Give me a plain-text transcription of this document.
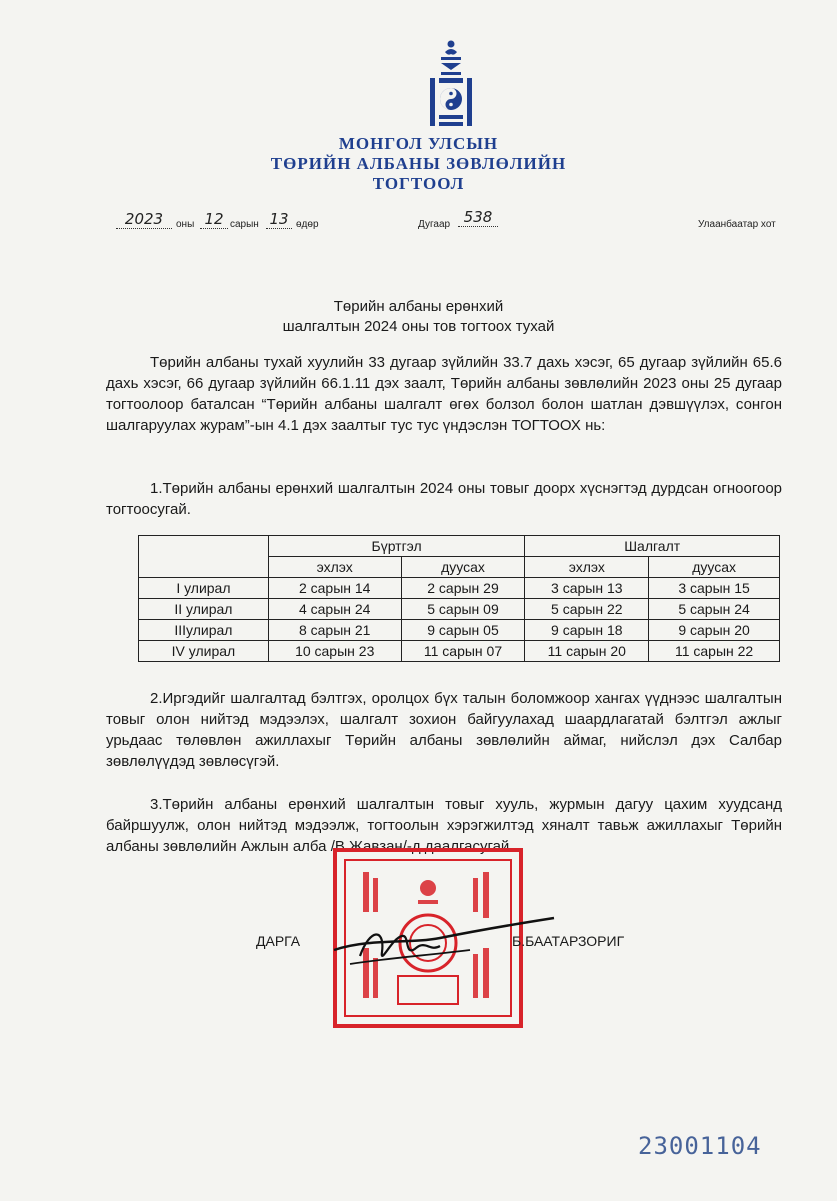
МОНГОЛ УЛСЫН
ТӨРИЙН АЛБАНЫ ЗӨВЛӨЛИЙН
ТОГТООЛ
2023	оны 12 сарын 13 өдөр	Дугаар 538	Улаанбаатар хот
Төрийн албаны ерөнхий
шалгалтын 2024 оны тов тогтоох тухай
Төрийн албаны тухай хуулийн 33 дугаар зүйлийн 33.7 дахь хэсэг, 65 дугаар зүйлийн 65.6 дахь хэсэг, 66 дугаар зүйлийн 66.1.11 дэх заалт, Төрийн албаны зөвлөлийн 2023 оны 25 дугаар тогтоолоор баталсан “Төрийн албаны шалгалт өгөх болзол болон шатлан дэвшүүлэх, сонгон шалгаруулах журам”-ын 4.1 дэх заалтыг тус тус үндэслэн ТОГТООХ нь:
1.Төрийн албаны ерөнхий шалгалтын 2024 оны товыг доорх хүснэгтэд дурдсан огноогоор тогтоосугай.
	Бүртгэл		Шалгалт	
	эхлэх	дуусах	эхлэх	дуусах
I улирал	2 сарын 14	2 сарын 29	3 сарын 13	3 сарын 15
II улирал	4 сарын 24	5 сарын 09	5 сарын 22	5 сарын 24
IIIулирал	8 сарын 21	9 сарын 05	9 сарын 18	9 сарын 20
IV улирал	10 сарын 23	11 сарын 07	11 сарын 20	11 сарын 22
2.Иргэдийг шалгалтад бэлтгэх, оролцох бүх талын боломжоор хангах үүднээс шалгалтын товыг олон нийтэд мэдээлэх, шалгалт зохион байгуулахад шаардлагатай бэлтгэл ажлыг урьдаас төлөвлөн ажиллахыг Төрийн албаны зөвлөлийн аймаг, нийслэл дэх Салбар зөвлөлүүдэд зөвлөсүгэй.
3.Төрийн албаны ерөнхий шалгалтын товыг хууль, журмын дагуу цахим хуудсанд байршуулж, олон нийтэд мэдээлж, тогтоолын хэрэгжилтэд хяналт тавьж ажиллахыг Төрийн албаны зөвлөлийн Ажлын алба /В.Жавзан/-д даалгасугай.
ДАРГА	Б.БААТАРЗОРИГ
23001104
